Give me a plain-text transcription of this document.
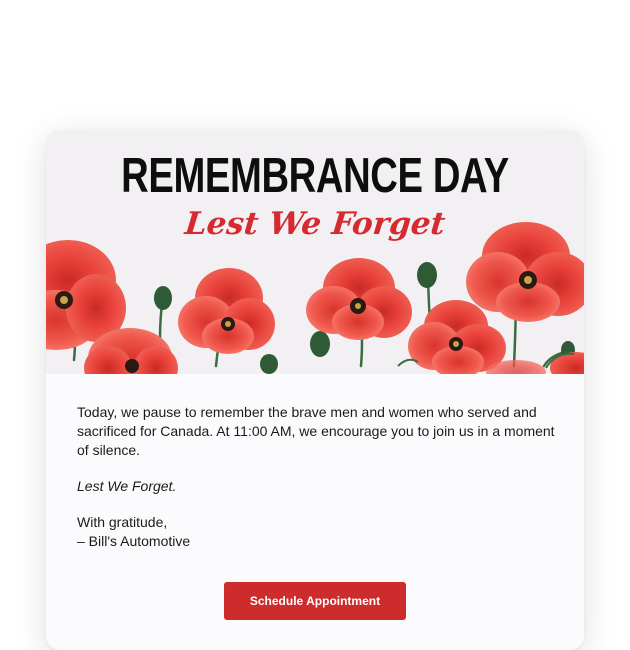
REMEMBRANCE DAY
Lest We Forget

Today, we pause to remember the brave men and women who served and sacrificed for Canada. At 11:00 AM, we encourage you to join us in a moment of silence.

Lest We Forget.

With gratitude,

– Bill's Automotive

Schedule Appointment
